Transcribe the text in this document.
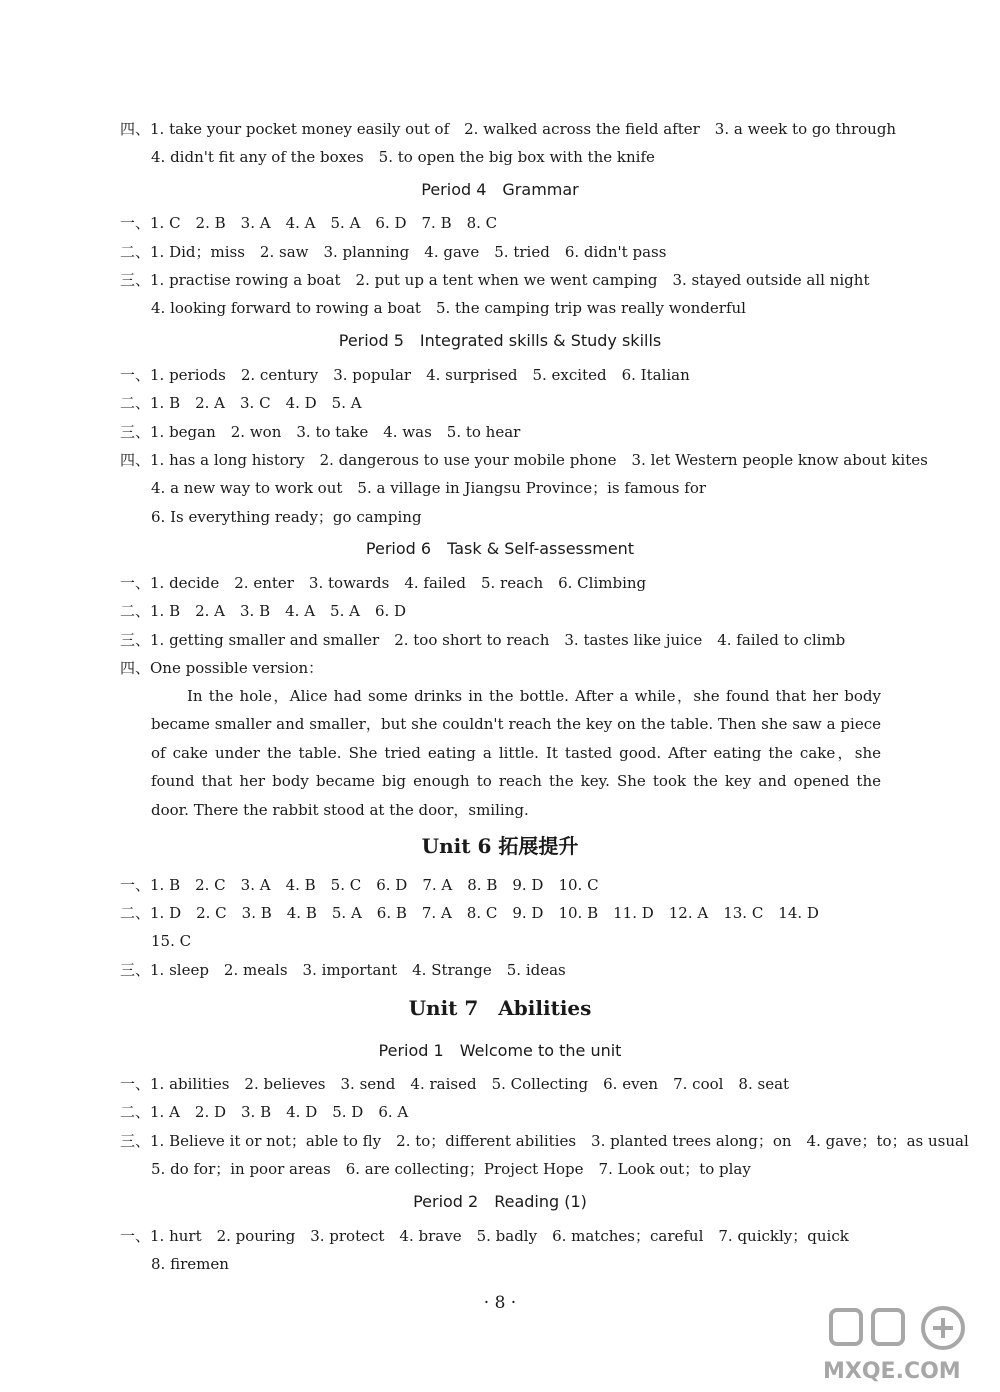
四、1. take your pocket money easily out of　2. walked across the field after　3. a week to go through
4. didn't fit any of the boxes　5. to open the big box with the knife
Period 4　Grammar
一、1. C　2. B　3. A　4. A　5. A　6. D　7. B　8. C
二、1. Did；miss　2. saw　3. planning　4. gave　5. tried　6. didn't pass
三、1. practise rowing a boat　2. put up a tent when we went camping　3. stayed outside all night
4. looking forward to rowing a boat　5. the camping trip was really wonderful
Period 5　Integrated skills & Study skills
一、1. periods　2. century　3. popular　4. surprised　5. excited　6. Italian
二、1. B　2. A　3. C　4. D　5. A
三、1. began　2. won　3. to take　4. was　5. to hear
四、1. has a long history　2. dangerous to use your mobile phone　3. let Western people know about kites
4. a new way to work out　5. a village in Jiangsu Province；is famous for
6. Is everything ready；go camping
Period 6　Task & Self-assessment
一、1. decide　2. enter　3. towards　4. failed　5. reach　6. Climbing
二、1. B　2. A　3. B　4. A　5. A　6. D
三、1. getting smaller and smaller　2. too short to reach　3. tastes like juice　4. failed to climb
四、One possible version：
In the hole，Alice had some drinks in the bottle. After a while，she found that her body became smaller and smaller，but she couldn't reach the key on the table. Then she saw a piece of cake under the table. She tried eating a little. It tasted good. After eating the cake，she found that her body became big enough to reach the key. She took the key and opened the door. There the rabbit stood at the door，smiling.
Unit 6 拓展提升
一、1. B　2. C　3. A　4. B　5. C　6. D　7. A　8. B　9. D　10. C
二、1. D　2. C　3. B　4. B　5. A　6. B　7. A　8. C　9. D　10. B　11. D　12. A　13. C　14. D
15. C
三、1. sleep　2. meals　3. important　4. Strange　5. ideas
Unit 7　Abilities
Period 1　Welcome to the unit
一、1. abilities　2. believes　3. send　4. raised　5. Collecting　6. even　7. cool　8. seat
二、1. A　2. D　3. B　4. D　5. D　6. A
三、1. Believe it or not；able to fly　2. to；different abilities　3. planted trees along；on　4. gave；to；as usual
5. do for；in poor areas　6. are collecting；Project Hope　7. Look out；to play
Period 2　Reading (1)
一、1. hurt　2. pouring　3. protect　4. brave　5. badly　6. matches；careful　7. quickly；quick
8. firemen
· 8 ·
MXQE.COM
